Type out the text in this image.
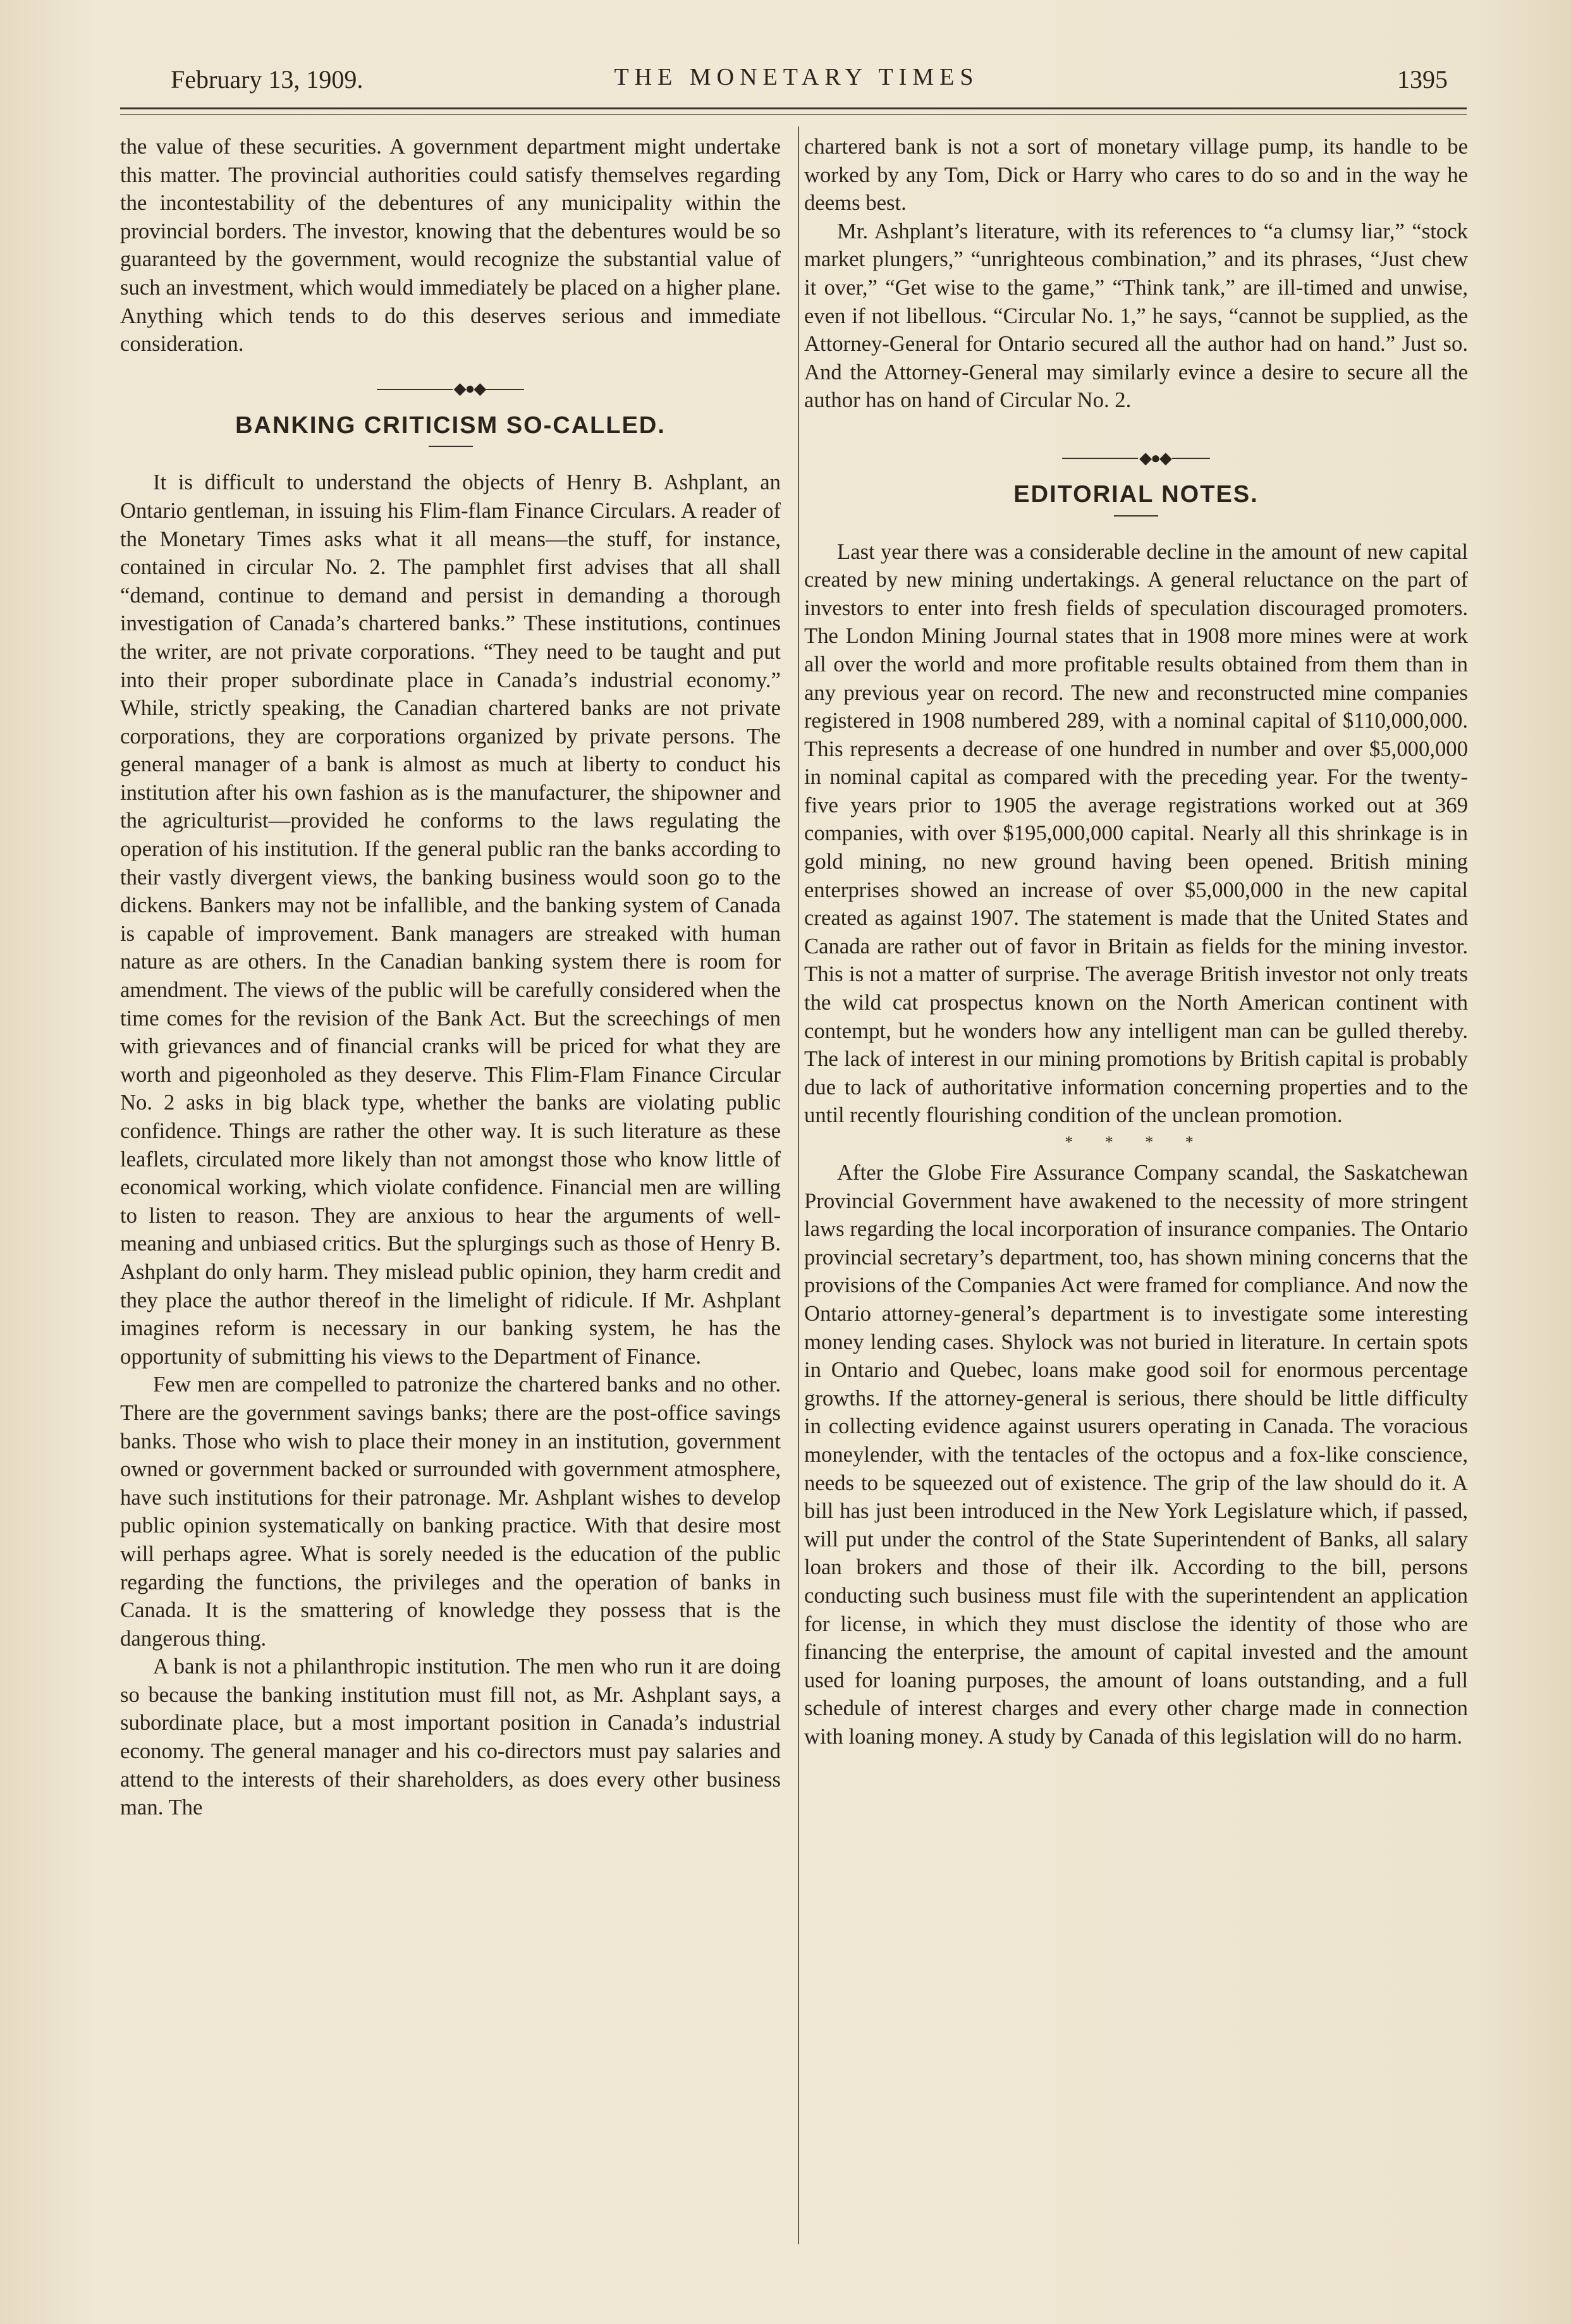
February 13, 1909.	THE MONETARY TIMES	1395

the value of these securities. A government department might undertake this matter. The provincial authorities could satisfy themselves regarding the incontestability of the debentures of any municipality within the provincial borders. The investor, knowing that the debentures would be so guaranteed by the government, would recognize the substantial value of such an investment, which would immediately be placed on a higher plane. Anything which tends to do this deserves serious and immediate consideration.

◆●◆
BANKING CRITICISM SO-CALLED.

It is difficult to understand the objects of Henry B. Ashplant, an Ontario gentleman, in issuing his Flim-flam Finance Circulars. A reader of the Monetary Times asks what it all means—the stuff, for instance, contained in circular No. 2. The pamphlet first advises that all shall “demand, continue to demand and persist in demanding a thorough investigation of Canada’s chartered banks.” These institutions, continues the writer, are not private corporations. “They need to be taught and put into their proper subordinate place in Canada’s industrial economy.” While, strictly speaking, the Canadian chartered banks are not private corporations, they are corporations organized by private persons. The general manager of a bank is almost as much at liberty to conduct his institution after his own fashion as is the manufacturer, the shipowner and the agriculturist—provided he conforms to the laws regulating the operation of his institution. If the general public ran the banks according to their vastly divergent views, the banking business would soon go to the dickens. Bankers may not be infallible, and the banking system of Canada is capable of improvement. Bank managers are streaked with human nature as are others. In the Canadian banking system there is room for amendment. The views of the public will be carefully considered when the time comes for the revision of the Bank Act. But the screechings of men with grievances and of financial cranks will be priced for what they are worth and pigeonholed as they deserve. This Flim-Flam Finance Circular No. 2 asks in big black type, whether the banks are violating public confidence. Things are rather the other way. It is such literature as these leaflets, circulated more likely than not amongst those who know little of economical working, which violate confidence. Financial men are willing to listen to reason. They are anxious to hear the arguments of well-meaning and unbiased critics. But the splurgings such as those of Henry B. Ashplant do only harm. They mislead public opinion, they harm credit and they place the author thereof in the limelight of ridicule. If Mr. Ashplant imagines reform is necessary in our banking system, he has the opportunity of submitting his views to the Department of Finance.

Few men are compelled to patronize the chartered banks and no other. There are the government savings banks; there are the post-office savings banks. Those who wish to place their money in an institution, government owned or government backed or surrounded with government atmosphere, have such institutions for their patronage. Mr. Ashplant wishes to develop public opinion systematically on banking practice. With that desire most will perhaps agree. What is sorely needed is the education of the public regarding the functions, the privileges and the operation of banks in Canada. It is the smattering of knowledge they possess that is the dangerous thing.

A bank is not a philanthropic institution. The men who run it are doing so because the banking institution must fill not, as Mr. Ashplant says, a subordinate place, but a most important position in Canada’s industrial economy. The general manager and his co-directors must pay salaries and attend to the interests of their shareholders, as does every other business man. The

chartered bank is not a sort of monetary village pump, its handle to be worked by any Tom, Dick or Harry who cares to do so and in the way he deems best.

Mr. Ashplant’s literature, with its references to “a clumsy liar,” “stock market plungers,” “unrighteous combination,” and its phrases, “Just chew it over,” “Get wise to the game,” “Think tank,” are ill-timed and unwise, even if not libellous. “Circular No. 1,” he says, “cannot be supplied, as the Attorney-General for Ontario secured all the author had on hand.” Just so. And the Attorney-General may similarly evince a desire to secure all the author has on hand of Circular No. 2.

◆●◆
EDITORIAL NOTES.

Last year there was a considerable decline in the amount of new capital created by new mining undertakings. A general reluctance on the part of investors to enter into fresh fields of speculation discouraged promoters. The London Mining Journal states that in 1908 more mines were at work all over the world and more profitable results obtained from them than in any previous year on record. The new and reconstructed mine companies registered in 1908 numbered 289, with a nominal capital of $110,000,000. This represents a decrease of one hundred in number and over $5,000,000 in nominal capital as compared with the preceding year. For the twenty-five years prior to 1905 the average registrations worked out at 369 companies, with over $195,000,000 capital. Nearly all this shrinkage is in gold mining, no new ground having been opened. British mining enterprises showed an increase of over $5,000,000 in the new capital created as against 1907. The statement is made that the United States and Canada are rather out of favor in Britain as fields for the mining investor. This is not a matter of surprise. The average British investor not only treats the wild cat prospectus known on the North American continent with contempt, but he wonders how any intelligent man can be gulled thereby. The lack of interest in our mining promotions by British capital is probably due to lack of authoritative information concerning properties and to the until recently flourishing condition of the unclean promotion.

* * * *

After the Globe Fire Assurance Company scandal, the Saskatchewan Provincial Government have awakened to the necessity of more stringent laws regarding the local incorporation of insurance companies. The Ontario provincial secretary’s department, too, has shown mining concerns that the provisions of the Companies Act were framed for compliance. And now the Ontario attorney-general’s department is to investigate some interesting money lending cases. Shylock was not buried in literature. In certain spots in Ontario and Quebec, loans make good soil for enormous percentage growths. If the attorney-general is serious, there should be little difficulty in collecting evidence against usurers operating in Canada. The voracious moneylender, with the tentacles of the octopus and a fox-like conscience, needs to be squeezed out of existence. The grip of the law should do it. A bill has just been introduced in the New York Legislature which, if passed, will put under the control of the State Superintendent of Banks, all salary loan brokers and those of their ilk. According to the bill, persons conducting such business must file with the superintendent an application for license, in which they must disclose the identity of those who are financing the enterprise, the amount of capital invested and the amount used for loaning purposes, the amount of loans outstanding, and a full schedule of interest charges and every other charge made in connection with loaning money. A study by Canada of this legislation will do no harm.
